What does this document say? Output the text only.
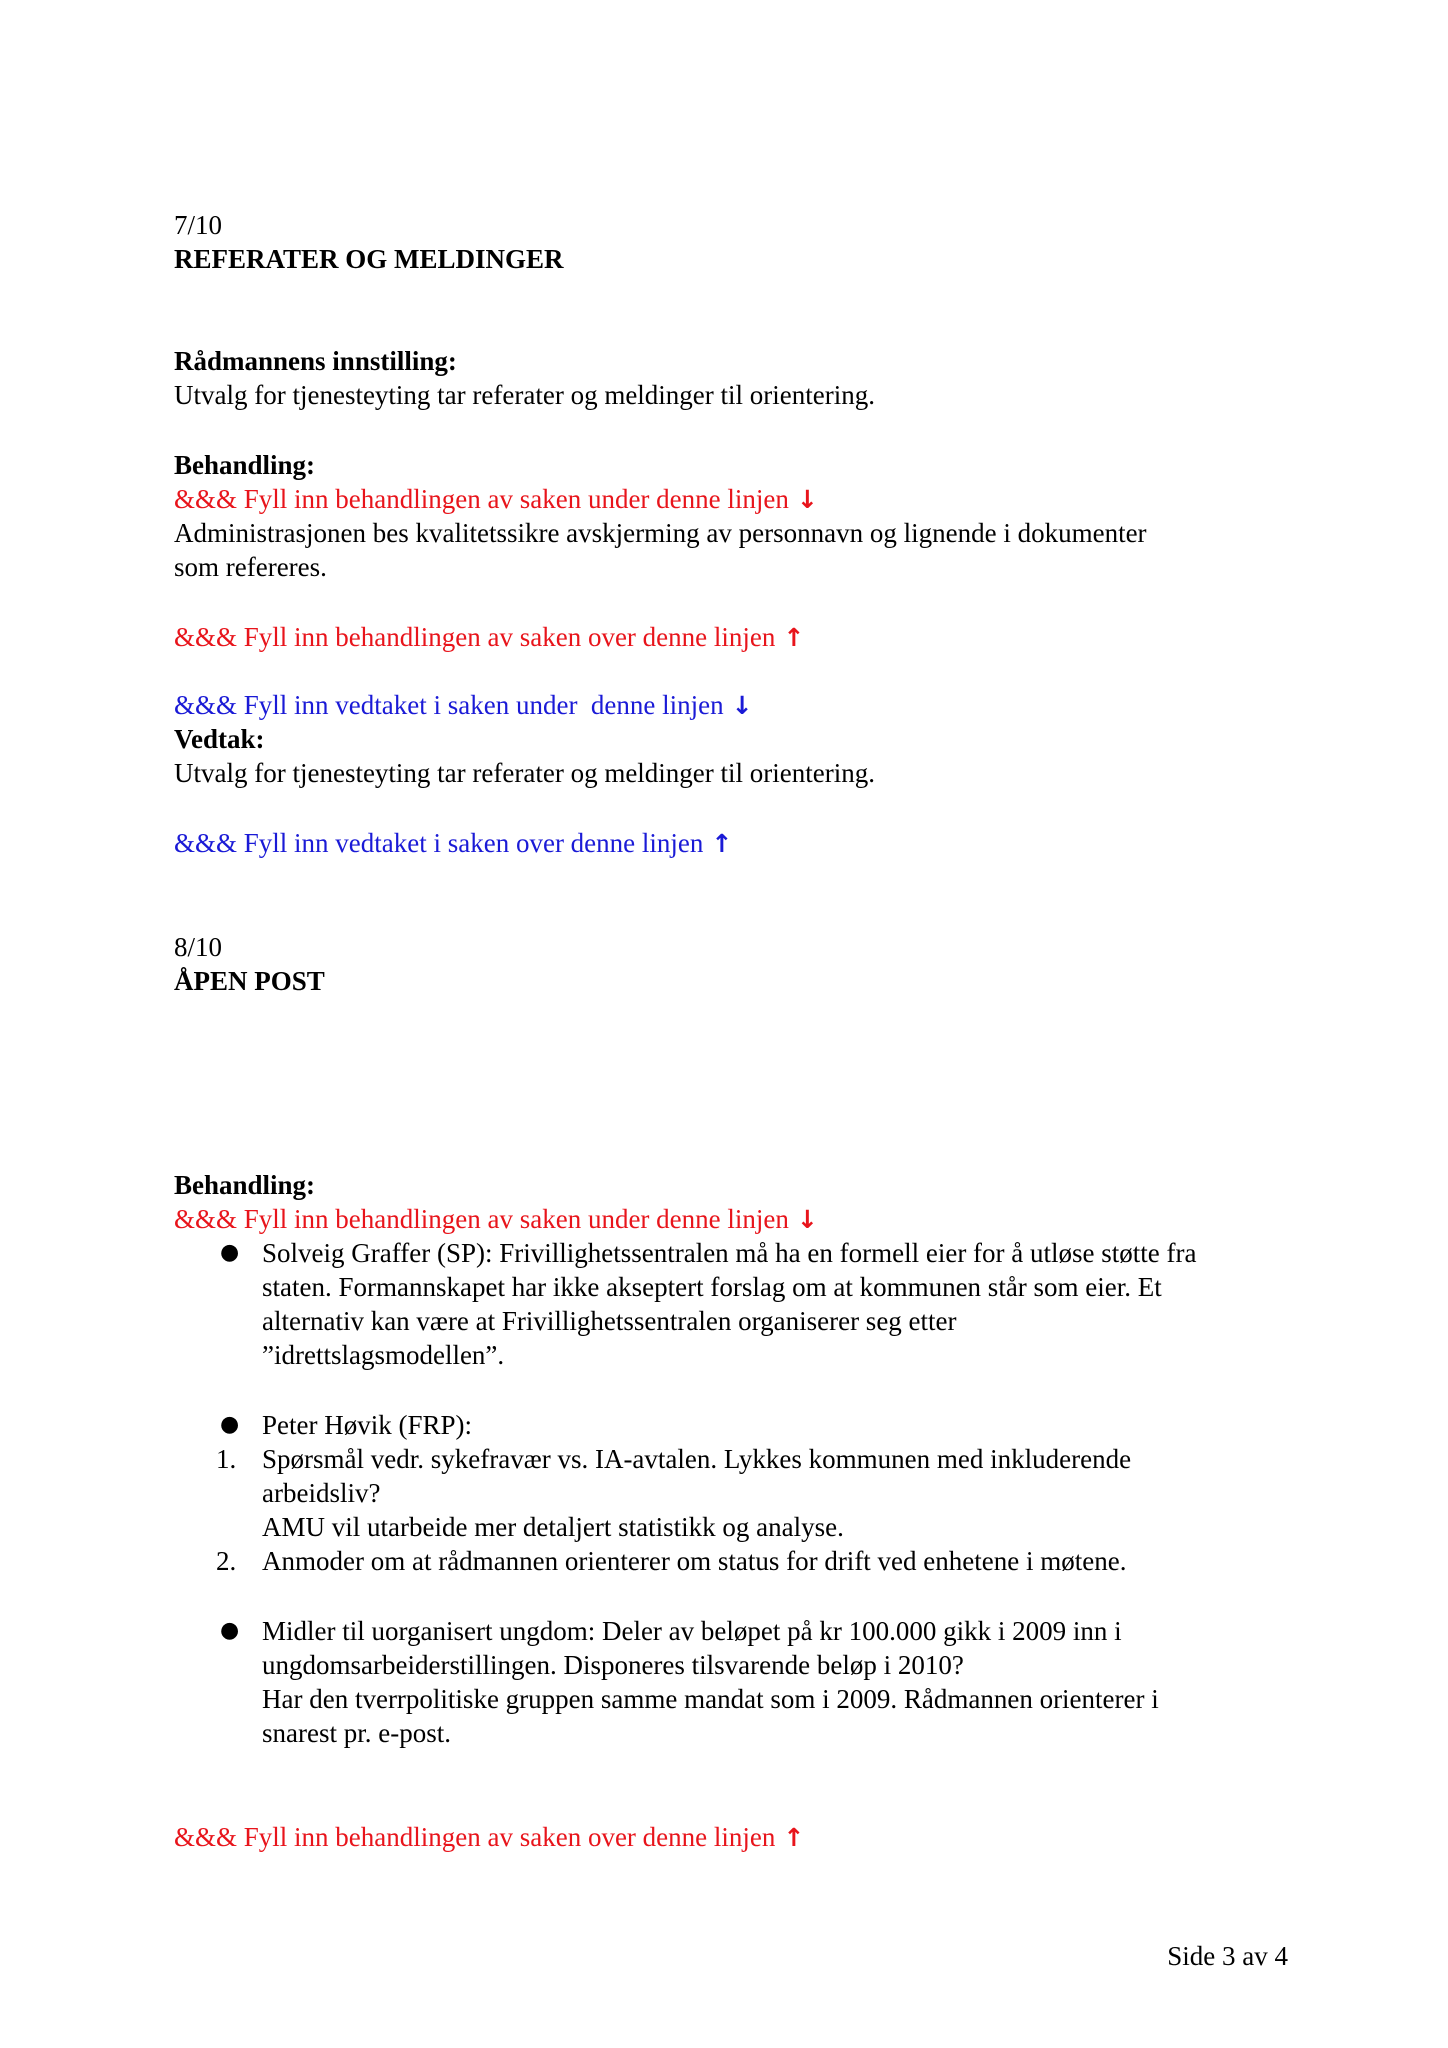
7/10
REFERATER OG MELDINGER
Rådmannens innstilling:
Utvalg for tjenesteyting tar referater og meldinger til orientering.
Behandling:
&&& Fyll inn behandlingen av saken under denne linjen ↓
Administrasjonen bes kvalitetssikre avskjerming av personnavn og lignende i dokumenter
som refereres.
&&& Fyll inn behandlingen av saken over denne linjen ↑
&&& Fyll inn vedtaket i saken under  denne linjen ↓
Vedtak:
Utvalg for tjenesteyting tar referater og meldinger til orientering.
&&& Fyll inn vedtaket i saken over denne linjen ↑
8/10
ÅPEN POST
Behandling:
&&& Fyll inn behandlingen av saken under denne linjen ↓
● Solveig Graffer (SP): Frivillighetssentralen må ha en formell eier for å utløse støtte fra
staten. Formannskapet har ikke akseptert forslag om at kommunen står som eier. Et
alternativ kan være at Frivillighetssentralen organiserer seg etter
”idrettslagsmodellen”.
● Peter Høvik (FRP):
1. Spørsmål vedr. sykefravær vs. IA-avtalen. Lykkes kommunen med inkluderende
arbeidsliv?
AMU vil utarbeide mer detaljert statistikk og analyse.
2. Anmoder om at rådmannen orienterer om status for drift ved enhetene i møtene.
● Midler til uorganisert ungdom: Deler av beløpet på kr 100.000 gikk i 2009 inn i
ungdomsarbeiderstillingen. Disponeres tilsvarende beløp i 2010?
Har den tverrpolitiske gruppen samme mandat som i 2009. Rådmannen orienterer i
snarest pr. e-post.
&&& Fyll inn behandlingen av saken over denne linjen ↑
Side 3 av 4
